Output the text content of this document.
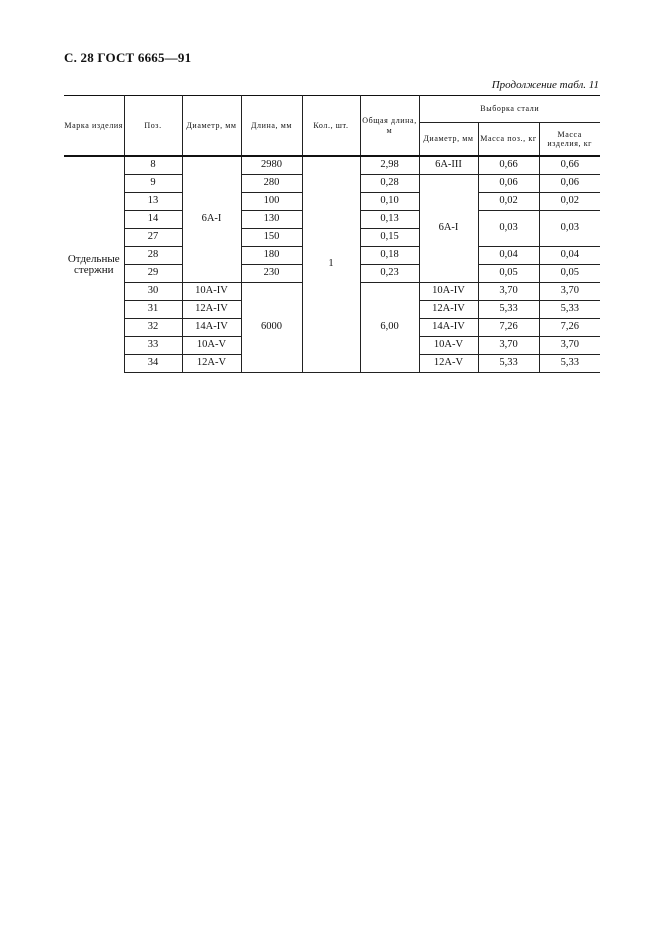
С. 28 ГОСТ 6665—91
Продолжение табл. 11
Марка изделия	Поз.	Диаметр, мм	Длина, мм	Кол., шт.	Общая длина, м	Выборка стали		
						Диаметр, мм	Масса поз., кг	Масса изделия, кг
Отдельные стержни	8	6А-I	2980	1	2,98	6А-III	0,66	0,66
	9		280		0,28	6А-I	0,06	0,06
	13		100		0,10		0,02	0,02
	14		130		0,13		0,03	0,03
	27		150		0,15			
	28		180		0,18		0,04	0,04
	29		230		0,23		0,05	0,05
	30	10А-IV	6000		6,00	10А-IV	3,70	3,70
	31	12А-IV				12А-IV	5,33	5,33
	32	14А-IV				14А-IV	7,26	7,26
	33	10А-V				10А-V	3,70	3,70
	34	12А-V				12А-V	5,33	5,33
